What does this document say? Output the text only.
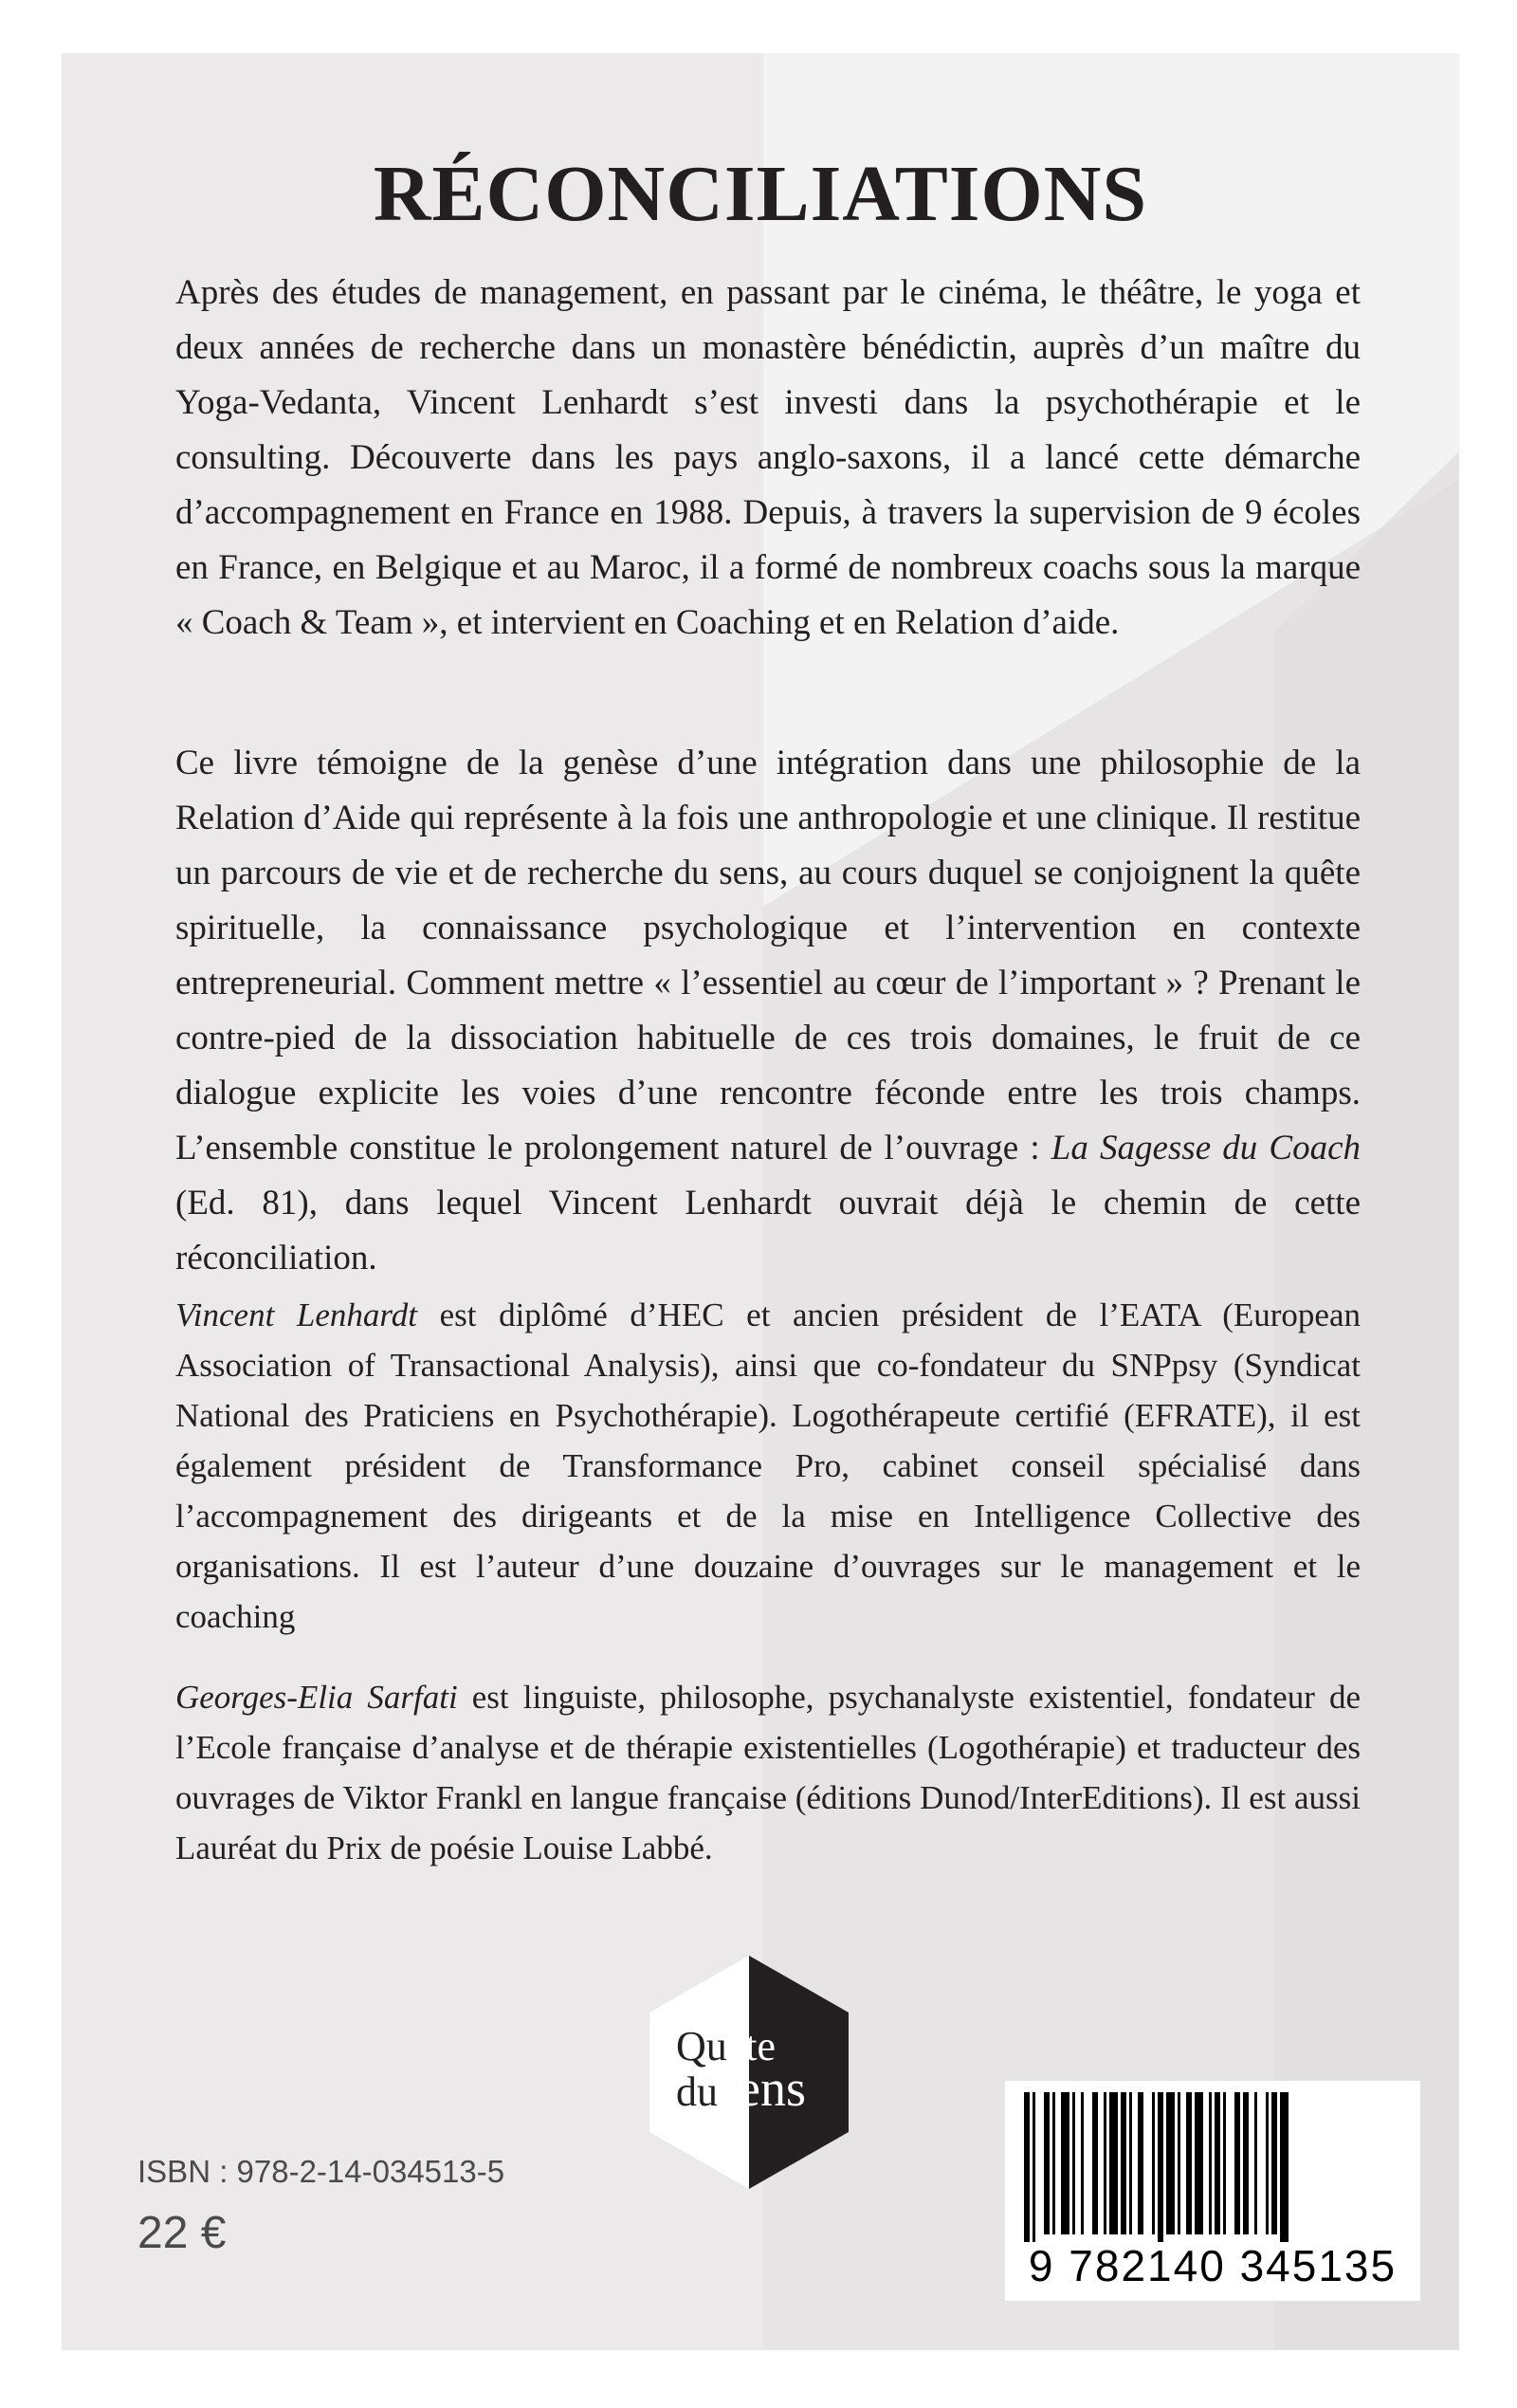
RÉCONCILIATIONS

Après des études de management, en passant par le cinéma, le théâtre, le yoga et deux années de recherche dans un monastère bénédictin, auprès d’un maître du Yoga-Vedanta, Vincent Lenhardt s’est investi dans la psychothérapie et le consulting. Découverte dans les pays anglo-saxons, il a lancé cette démarche d’accompagnement en France en 1988. Depuis, à travers la supervision de 9 écoles en France, en Belgique et au Maroc, il a formé de nombreux coachs sous la marque « Coach & Team », et intervient en Coaching et en Relation d’aide.

Ce livre témoigne de la genèse d’une intégration dans une philosophie de la Relation d’Aide qui représente à la fois une anthropologie et une clinique. Il restitue un parcours de vie et de recherche du sens, au cours duquel se conjoignent la quête spirituelle, la connaissance psychologique et l’intervention en contexte entrepreneurial. Comment mettre « l’essentiel au cœur de l’important » ? Prenant le contre-pied de la dissociation habituelle de ces trois domaines, le fruit de ce dialogue explicite les voies d’une rencontre féconde entre les trois champs. L’ensemble constitue le prolongement naturel de l’ouvrage : La Sagesse du Coach (Ed. 81), dans lequel Vincent Lenhardt ouvrait déjà le chemin de cette réconciliation.

Vincent Lenhardt est diplômé d’HEC et ancien président de l’EATA (European Association of Transactional Analysis), ainsi que co-fondateur du SNPpsy (Syndicat National des Praticiens en Psychothérapie). Logothérapeute certifié (EFRATE), il est également président de Transformance Pro, cabinet conseil spécialisé dans l’accompagnement des dirigeants et de la mise en Intelligence Collective des organisations. Il est l’auteur d’une douzaine d’ouvrages sur le management et le coaching

Georges-Elia Sarfati est linguiste, philosophe, psychanalyste existentiel, fondateur de l’Ecole française d’analyse et de thérapie existentielles (Logothérapie) et traducteur des ouvrages de Viktor Frankl en langue française (éditions Dunod/InterEditions). Il est aussi Lauréat du Prix de poésie Louise Labbé.

Quête
dusens
ISBN : 978-2-14-034513-5
22 €
9 782140 345135
